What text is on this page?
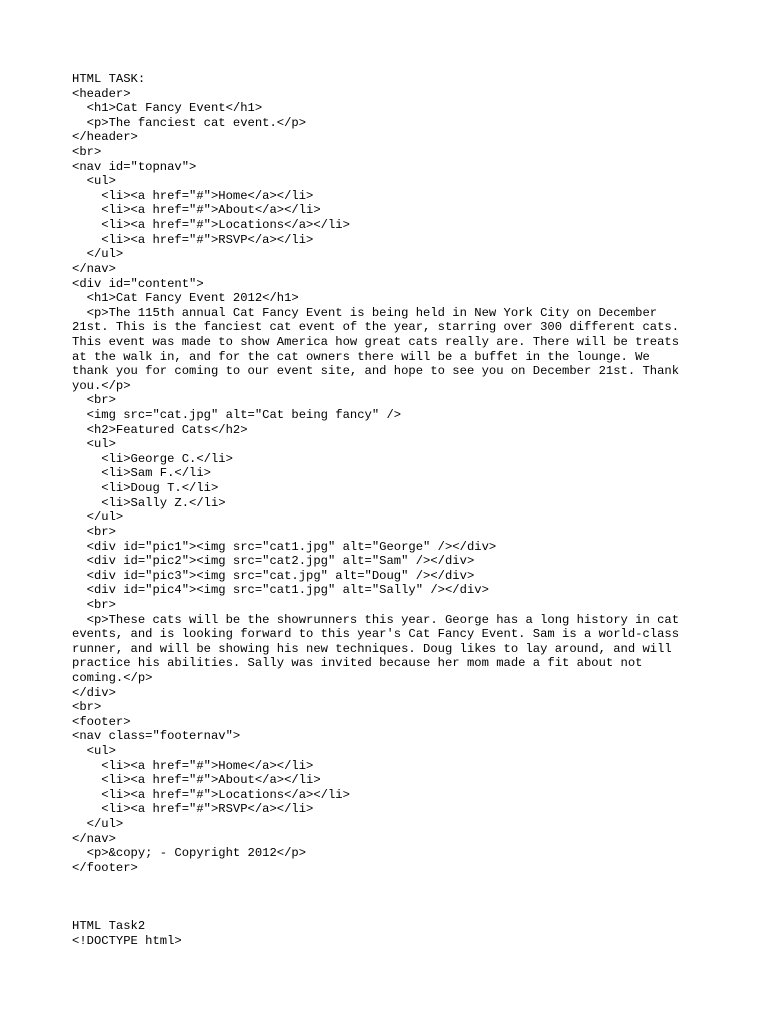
HTML TASK:
<header>
<h1>Cat Fancy Event</h1>
<p>The fanciest cat event.</p>
</header>
<br>
<nav id="topnav">
<ul>
<li><a href="#">Home</a></li>
<li><a href="#">About</a></li>
<li><a href="#">Locations</a></li>
<li><a href="#">RSVP</a></li>
</ul>
</nav>
<div id="content">
<h1>Cat Fancy Event 2012</h1>
<p>The 115th annual Cat Fancy Event is being held in New York City on December
21st. This is the fanciest cat event of the year, starring over 300 different cats.
This event was made to show America how great cats really are. There will be treats
at the walk in, and for the cat owners there will be a buffet in the lounge. We
thank you for coming to our event site, and hope to see you on December 21st. Thank
you.</p>
<br>
<img src="cat.jpg" alt="Cat being fancy" />
<h2>Featured Cats</h2>
<ul>
<li>George C.</li>
<li>Sam F.</li>
<li>Doug T.</li>
<li>Sally Z.</li>
</ul>
<br>
<div id="pic1"><img src="cat1.jpg" alt="George" /></div>
<div id="pic2"><img src="cat2.jpg" alt="Sam" /></div>
<div id="pic3"><img src="cat.jpg" alt="Doug" /></div>
<div id="pic4"><img src="cat1.jpg" alt="Sally" /></div>
<br>
<p>These cats will be the showrunners this year. George has a long history in cat
events, and is looking forward to this year's Cat Fancy Event. Sam is a world-class
runner, and will be showing his new techniques. Doug likes to lay around, and will
practice his abilities. Sally was invited because her mom made a fit about not
coming.</p>
</div>
<br>
<footer>
<nav class="footernav">
<ul>
<li><a href="#">Home</a></li>
<li><a href="#">About</a></li>
<li><a href="#">Locations</a></li>
<li><a href="#">RSVP</a></li>
</ul>
</nav>
<p>&copy; - Copyright 2012</p>
</footer>
HTML Task2
<!DOCTYPE html>
